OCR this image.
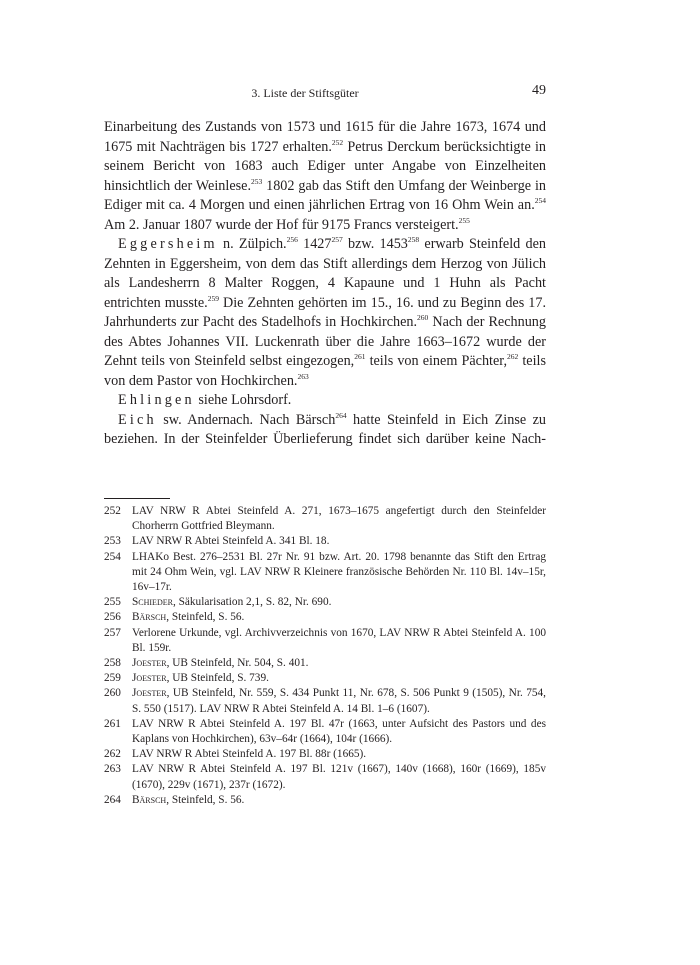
3. Liste der Stiftsgüter	49

Einarbeitung des Zustands von 1573 und 1615 für die Jahre 1673, 1674 und 1675 mit Nachträgen bis 1727 erhalten.$^{252}$ Petrus Derckum berücksichtigte in seinem Bericht von 1683 auch Ediger unter Angabe von Einzelheiten hinsichtlich der Weinlese.$^{253}$ 1802 gab das Stift den Umfang der Weinberge in Ediger mit ca. 4 Morgen und einen jährlichen Ertrag von 16 Ohm Wein an.$^{254}$ Am 2. Januar 1807 wurde der Hof für 9175 Francs versteigert.$^{255}$

Eggersheim n. Zülpich.$^{256}$ 1427$^{257}$ bzw. 1453$^{258}$ erwarb Steinfeld den Zehnten in Eggersheim, von dem das Stift allerdings dem Herzog von Jülich als Landesherrn 8 Malter Roggen, 4 Kapaune und 1 Huhn als Pacht entrichten musste.$^{259}$ Die Zehnten gehörten im 15., 16. und zu Beginn des 17. Jahrhunderts zur Pacht des Stadelhofs in Hochkirchen.$^{260}$ Nach der Rechnung des Abtes Johannes VII. Luckenrath über die Jahre 1663–1672 wurde der Zehnt teils von Steinfeld selbst eingezogen,$^{261}$ teils von einem Pächter,$^{262}$ teils von dem Pastor von Hochkirchen.$^{263}$

Ehlingen siehe Lohrsdorf.

Eich sw. Andernach. Nach Bärsch$^{264}$ hatte Steinfeld in Eich Zinse zu beziehen. In der Steinfelder Überlieferung findet sich darüber keine Nach-

252 LAV NRW R Abtei Steinfeld A. 271, 1673–1675 angefertigt durch den Steinfelder Chorherrn Gottfried Bleymann.
253 LAV NRW R Abtei Steinfeld A. 341 Bl. 18.
254 LHAKo Best. 276–2531 Bl. 27r Nr. 91 bzw. Art. 20. 1798 benannte das Stift den Ertrag mit 24 Ohm Wein, vgl. LAV NRW R Kleinere französische Behörden Nr. 110 Bl. 14v–15r, 16v–17r.
255 Schieder, Säkularisation 2,1, S. 82, Nr. 690.
256 Bärsch, Steinfeld, S. 56.
257 Verlorene Urkunde, vgl. Archivverzeichnis von 1670, LAV NRW R Abtei Steinfeld A. 100 Bl. 159r.
258 Joester, UB Steinfeld, Nr. 504, S. 401.
259 Joester, UB Steinfeld, S. 739.
260 Joester, UB Steinfeld, Nr. 559, S. 434 Punkt 11, Nr. 678, S. 506 Punkt 9 (1505), Nr. 754, S. 550 (1517). LAV NRW R Abtei Steinfeld A. 14 Bl. 1–6 (1607).
261 LAV NRW R Abtei Steinfeld A. 197 Bl. 47r (1663, unter Aufsicht des Pastors und des Kaplans von Hochkirchen), 63v–64r (1664), 104r (1666).
262 LAV NRW R Abtei Steinfeld A. 197 Bl. 88r (1665).
263 LAV NRW R Abtei Steinfeld A. 197 Bl. 121v (1667), 140v (1668), 160r (1669), 185v (1670), 229v (1671), 237r (1672).
264 Bärsch, Steinfeld, S. 56.
